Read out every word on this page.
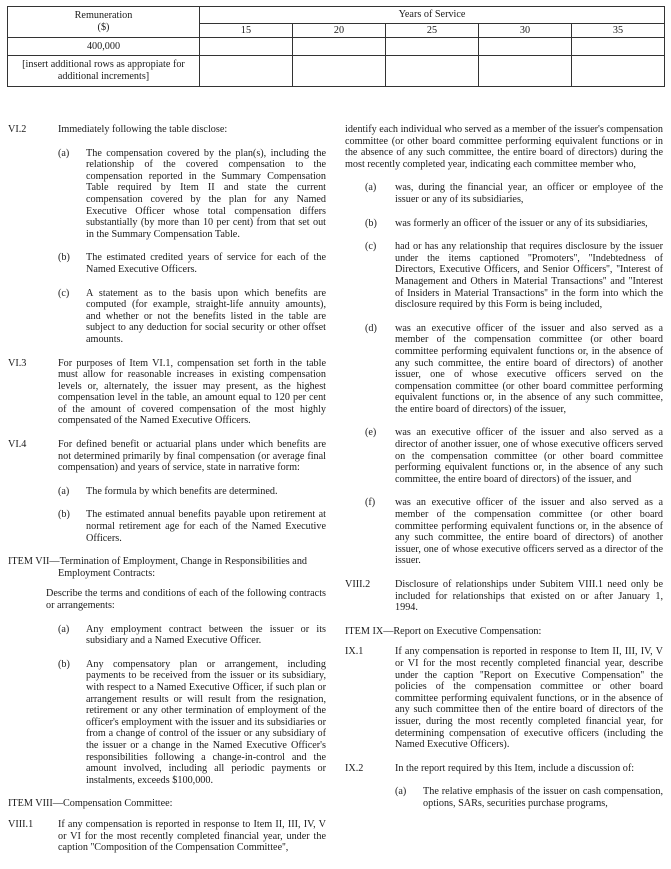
Remuneration
($)	Years of Service				
	15	20	25	30	35
400,000					
[insert additional rows as appropiate for additional increments]					
VI.2	Immediately following the table disclose:
(a)	The compensation covered by the plan(s), including the relationship of the covered compensation to the compensation reported in the Summary Compensation Table required by Item II and state the current compensation covered by the plan for any Named Executive Officer whose total compensation differs substantially (by more than 10 per cent) from that set out in the Summary Compensation Table.
(b)	The estimated credited years of service for each of the Named Executive Officers.
(c)	A statement as to the basis upon which benefits are computed (for example, straight-life annuity amounts), and whether or not the benefits listed in the table are subject to any deduction for social security or other offset amounts.
VI.3	For purposes of Item VI.1, compensation set forth in the table must allow for reasonable increases in existing compensation levels or, alternately, the issuer may present, as the highest compensation level in the table, an amount equal to 120 per cent of the amount of covered compensation of the most highly compensated of the Named Executive Officers.
VI.4	For defined benefit or actuarial plans under which benefits are not determined primarily by final compensation (or average final compensation) and years of service, state in narrative form:
(a)	The formula by which benefits are determined.
(b)	The estimated annual benefits payable upon retirement at normal retirement age for each of the Named Executive Officers.

ITEM VII—Termination of Employment, Change in Responsibilities and Employment Contracts:

Describe the terms and conditions of each of the following contracts or arrangements:

(a)	Any employment contract between the issuer or its subsidiary and a Named Executive Officer.
(b)	Any compensatory plan or arrangement, including payments to be received from the issuer or its subsidiary, with respect to a Named Executive Officer, if such plan or arrangement results or will result from the resignation, retirement or any other termination of employment of the officer's employment with the issuer and its subsidiaries or from a change of control of the issuer or any subsidiary of the issuer or a change in the Named Executive Officer's responsibilities following a change-in-control and the amount involved, including all periodic payments or instalments, exceeds $100,000.

ITEM VIII—Compensation Committee:

VIII.1	If any compensation is reported in response to Item II, III, IV, V or VI for the most recently completed financial year, under the caption ''Composition of the Compensation Committee'',

identify each individual who served as a member of the issuer's compensation committee (or other board committee performing equivalent functions or in the absence of any such committee, the entire board of directors) during the most recently completed year, indicating each committee member who,

(a)	was, during the financial year, an officer or employee of the issuer or any of its subsidiaries,
(b)	was formerly an officer of the issuer or any of its subsidiaries,
(c)	had or has any relationship that requires disclosure by the issuer under the items captioned ''Promoters'', ''Indebtedness of Directors, Executive Officers, and Senior Officers'', ''Interest of Management and Others in Material Transactions'' and ''Interest of Insiders in Material Transactions'' in the form into which the disclosure required by this Form is being included,
(d)	was an executive officer of the issuer and also served as a member of the compensation committee (or other board committee performing equivalent functions or, in the absence of any such committee, the entire board of directors) of another issuer, one of whose executive officers served on the compensation committee (or other board committee performing equivalent functions or, in the absence of any such committee, the entire board of directors) of the issuer,
(e)	was an executive officer of the issuer and also served as a director of another issuer, one of whose executive officers served on the compensation committee (or other board committee performing equivalent functions or, in the absence of any such committee, the entire board of directors) of the issuer, and
(f)	was an executive officer of the issuer and also served as a member of the compensation committee (or other board committee performing equivalent functions or, in the absence of any such committee, the entire board of directors) of another issuer, one of whose executive officers served as a director of the issuer.
VIII.2	Disclosure of relationships under Subitem VIII.1 need only be included for relationships that existed on or after January 1, 1994.

ITEM IX—Report on Executive Compensation:

IX.1	If any compensation is reported in response to Item II, III, IV, V or VI for the most recently completed financial year, describe under the caption ''Report on Executive Compensation'' the policies of the compensation committee or other board committee performing equivalent functions, or in the absence of any such committee then of the entire board of directors of the issuer, during the most recently completed financial year, for determining compensation of executive officers (including the Named Executive Officers).
IX.2	In the report required by this Item, include a discussion of:
(a)	The relative emphasis of the issuer on cash compensation, options, SARs, securities purchase programs,
